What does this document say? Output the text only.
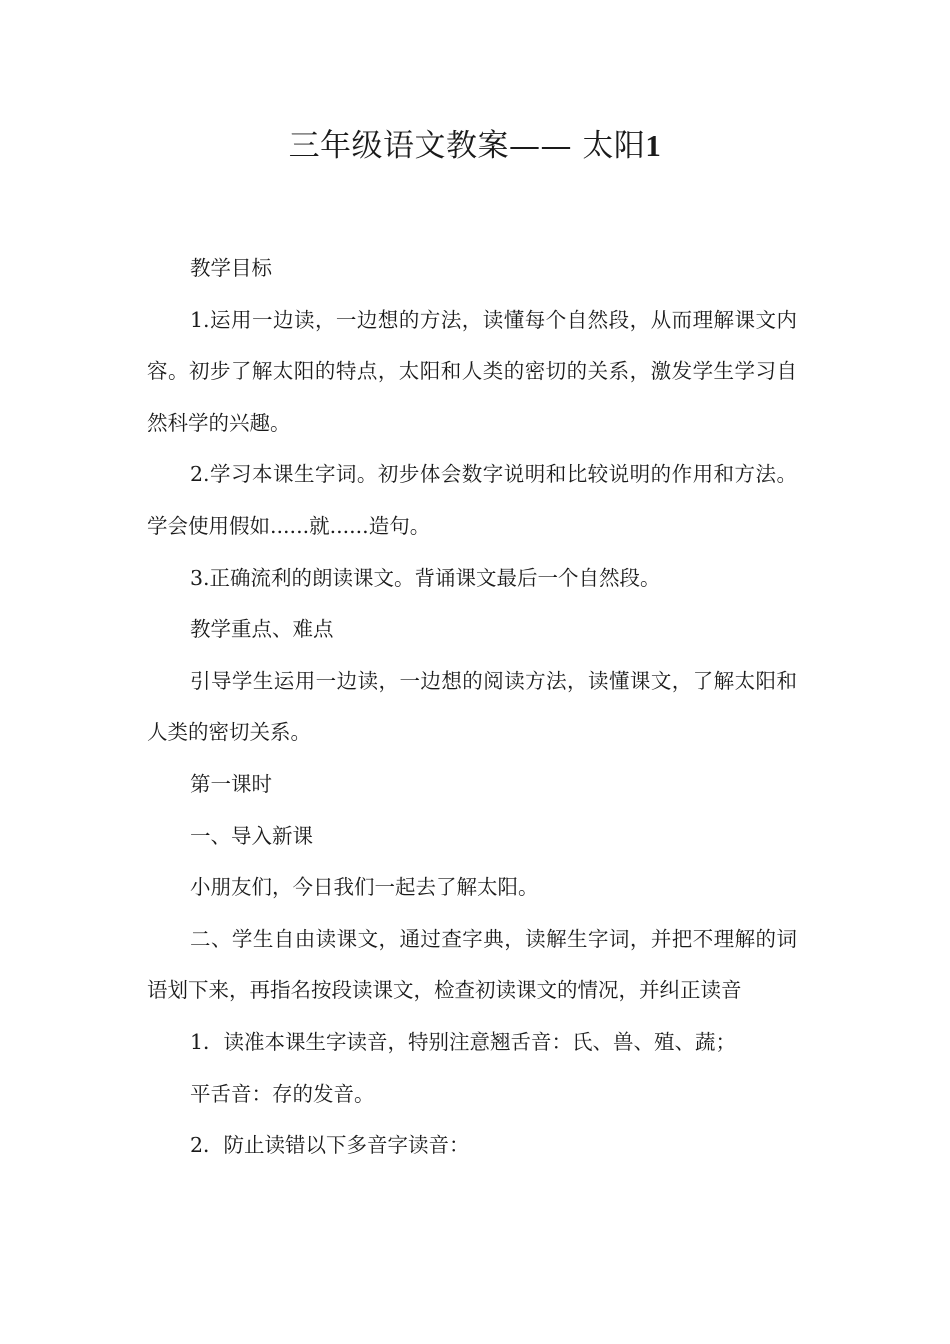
三年级语文教案—— 太阳1

教学目标

1.运用一边读，一边想的方法，读懂每个自然段，从而理解课文内容。初步了解太阳的特点，太阳和人类的密切的关系，激发学生学习自然科学的兴趣。

2.学习本课生字词。初步体会数字说明和比较说明的作用和方法。学会使用假如......就......造句。

3.正确流利的朗读课文。背诵课文最后一个自然段。

教学重点、难点

引导学生运用一边读，一边想的阅读方法，读懂课文，了解太阳和人类的密切关系。

第一课时

一、导入新课

小朋友们，今日我们一起去了解太阳。

二、学生自由读课文，通过查字典，读解生字词，并把不理解的词语划下来，再指名按段读课文，检查初读课文的情况，并纠正读音

1．读准本课生字读音，特别注意翘舌音：氏、兽、殖、蔬；

平舌音：存的发音。

2．防止读错以下多音字读音：
